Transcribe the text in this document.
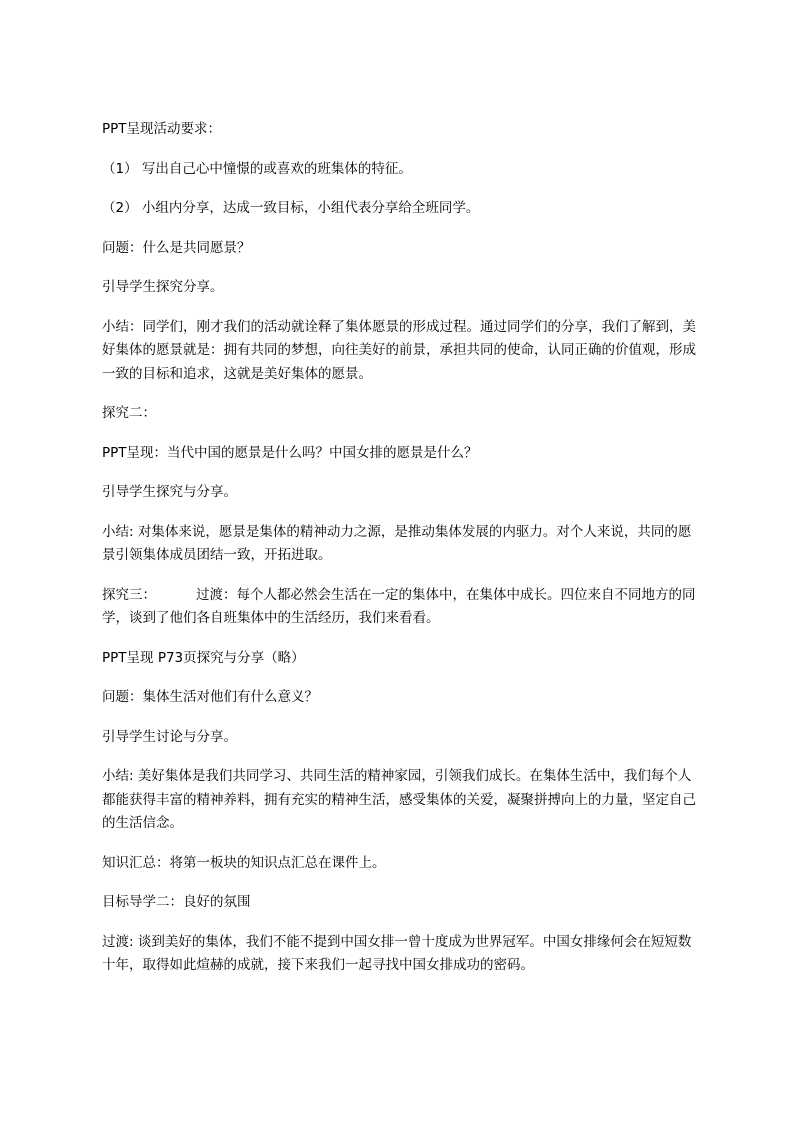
PPT呈现活动要求：

（1） 写出自己心中憧憬的或喜欢的班集体的特征。

（2） 小组内分享，达成一致目标，小组代表分享给全班同学。

问题：什么是共同愿景？

引导学生探究分享。

小结：同学们，刚才我们的活动就诠释了集体愿景的形成过程。通过同学们的分享，我们了解到，美好集体的愿景就是：拥有共同的梦想，向往美好的前景，承担共同的使命，认同正确的价值观，形成一致的目标和追求，这就是美好集体的愿景。

探究二：

PPT呈现：当代中国的愿景是什么吗？中国女排的愿景是什么？

引导学生探究与分享。

小结: 对集体来说，愿景是集体的精神动力之源，是推动集体发展的内驱力。对个人来说，共同的愿景引领集体成员团结一致，开拓进取。

探究三：	过渡：每个人都必然会生活在一定的集体中，在集体中成长。四位来自不同地方的同学，谈到了他们各自班集体中的生活经历，我们来看看。

PPT呈现 P73页探究与分享（略）

问题：集体生活对他们有什么意义？

引导学生讨论与分享。

小结: 美好集体是我们共同学习、共同生活的精神家园，引领我们成长。在集体生活中，我们每个人都能获得丰富的精神养料，拥有充实的精神生活，感受集体的关爱，凝聚拼搏向上的力量，坚定自己的生活信念。

知识汇总：将第一板块的知识点汇总在课件上。

目标导学二：良好的氛围

过渡: 谈到美好的集体，我们不能不提到中国女排一曾十度成为世界冠军。中国女排缘何会在短短数十年，取得如此煊赫的成就，接下来我们一起寻找中国女排成功的密码。
